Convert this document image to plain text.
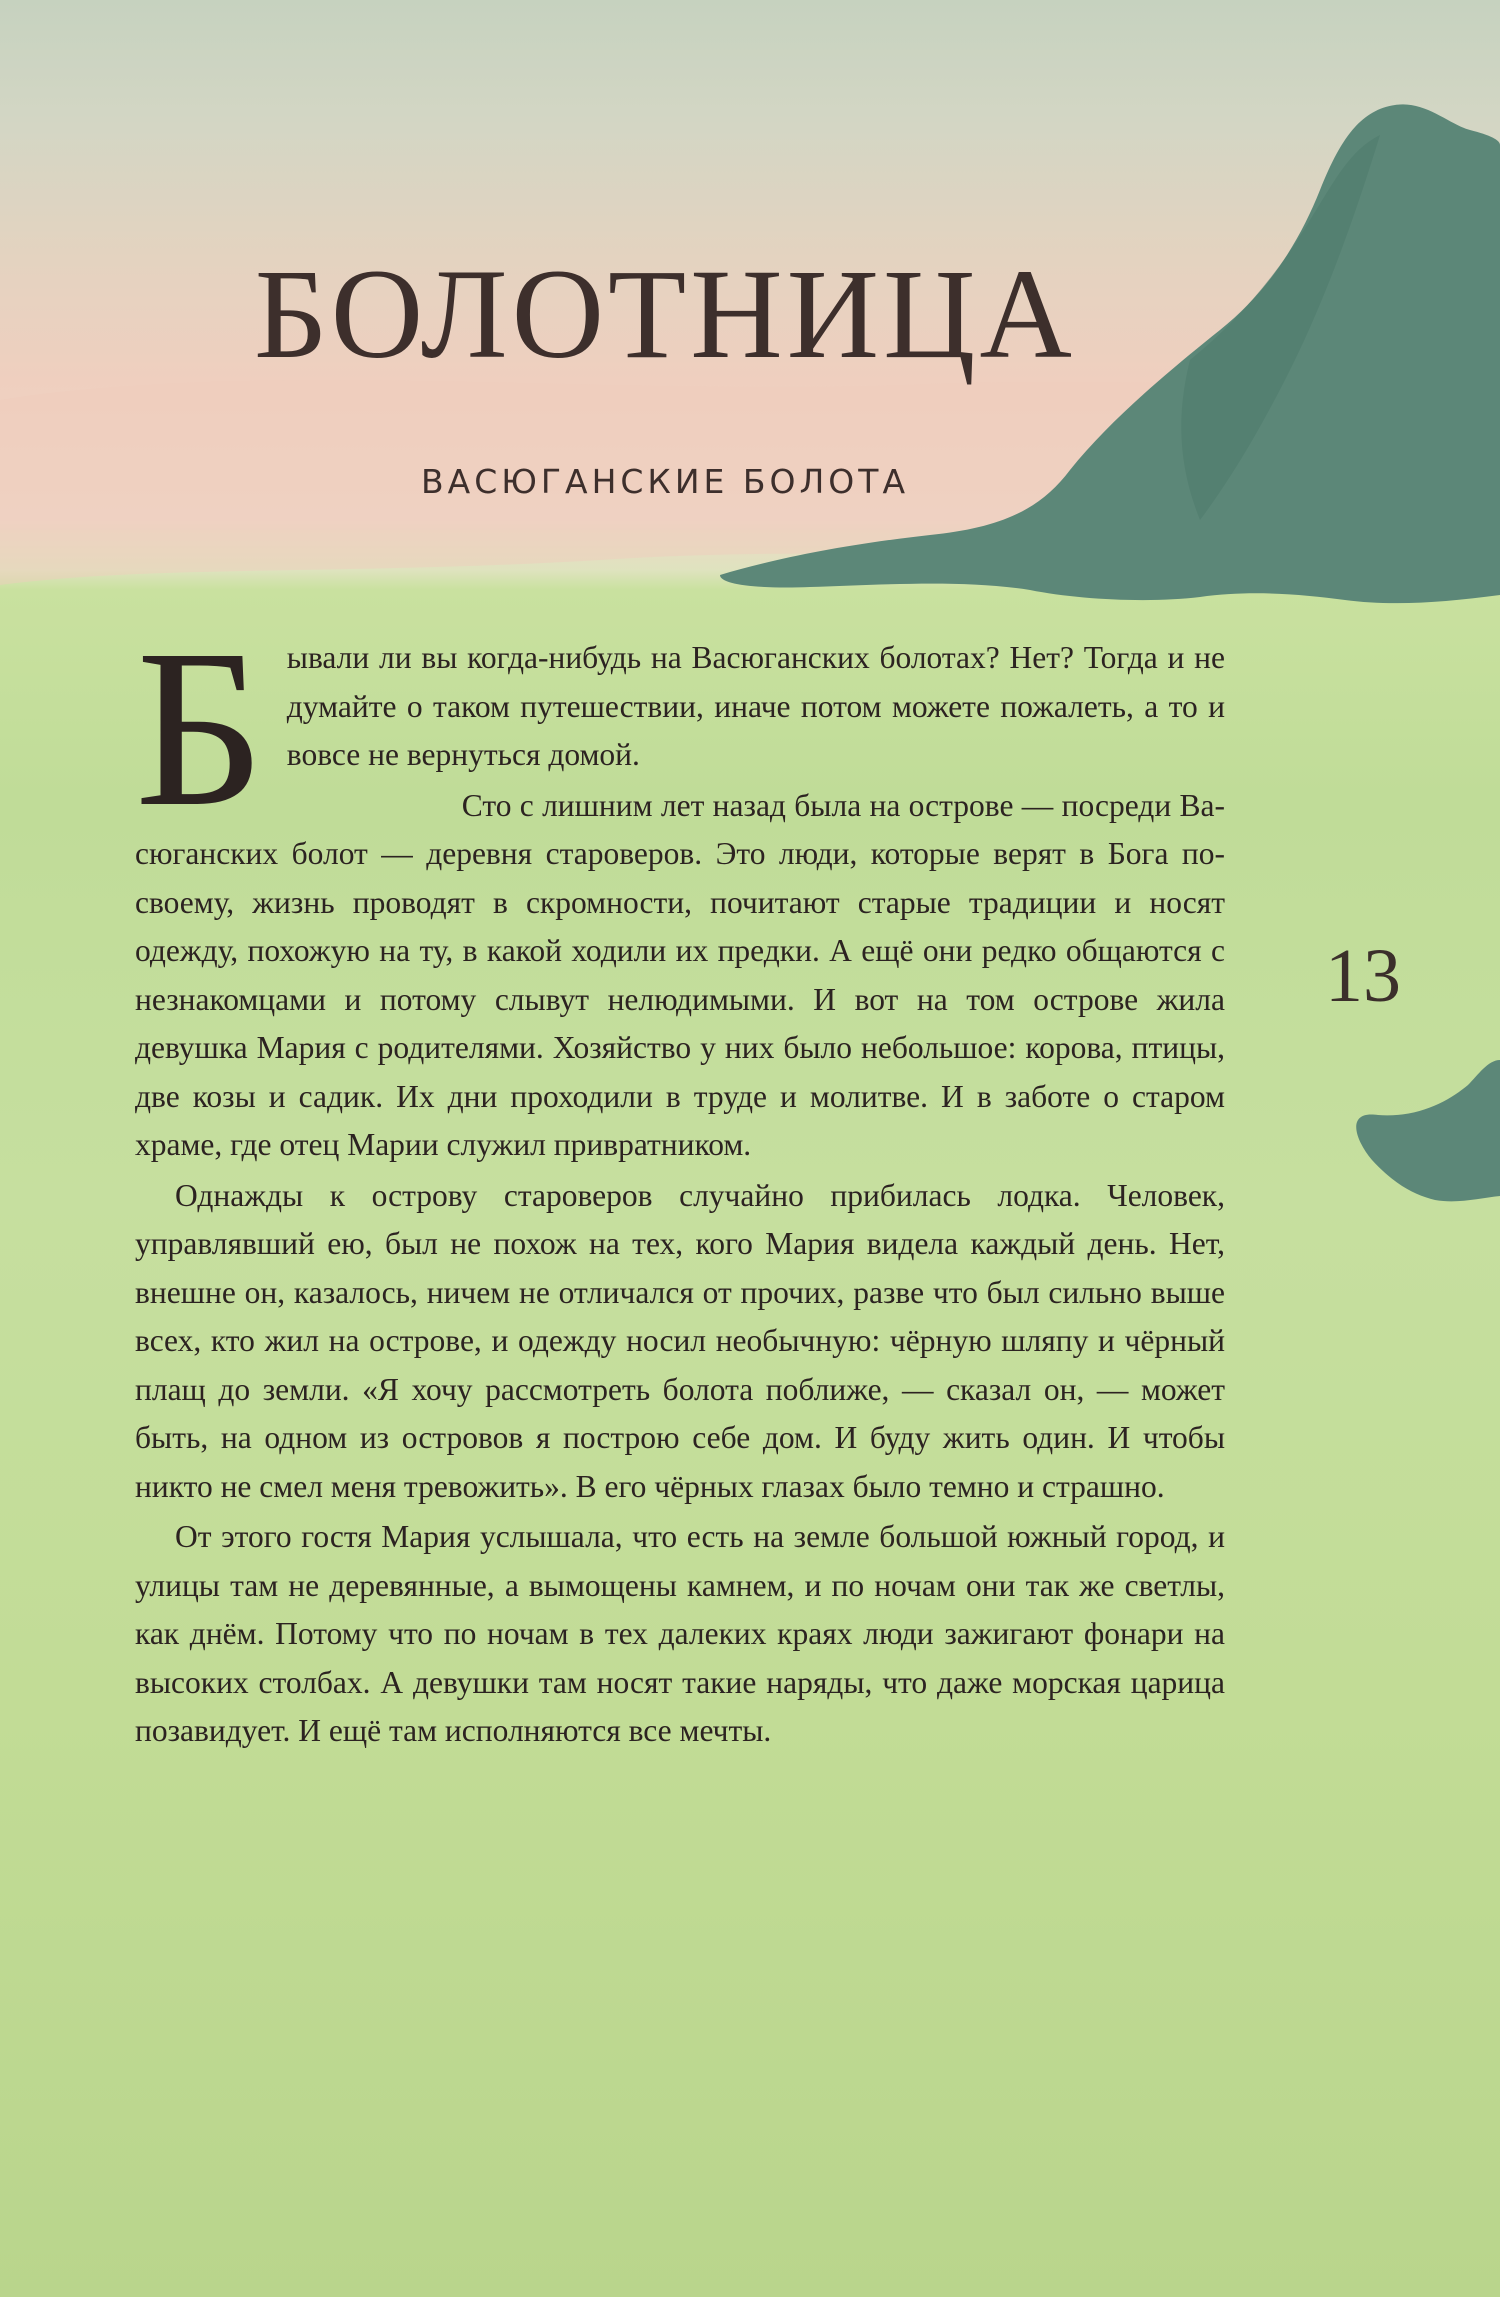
БОЛОТНИЦА
ВАСЮГАНСКИЕ БОЛОТА
Б ывали ли вы когда-нибудь на Васюганских болотах? Нет? Тогда и не думайте о таком путешествии, иначе потом можете пожалеть, а то и вовсе не вернуться домой.

Сто с лишним лет назад была на острове — посреди Васюганских болот — деревня староверов. Это люди, которые верят в Бога по-своему, жизнь проводят в скромности, почитают старые традиции и носят одежду, похожую на ту, в какой ходили их предки. А ещё они редко общаются с незнакомцами и потому слывут нелюдимыми. И вот на том острове жила девушка Мария с родителями. Хозяйство у них было небольшое: корова, птицы, две козы и садик. Их дни проходили в труде и молитве. И в заботе о старом храме, где отец Марии служил привратником.

Однажды к острову староверов случайно прибилась лодка. Человек, управлявший ею, был не похож на тех, кого Мария видела каждый день. Нет, внешне он, казалось, ничем не отличался от прочих, разве что был сильно выше всех, кто жил на острове, и одежду носил необычную: чёрную шляпу и чёрный плащ до земли. «Я хочу рассмотреть болота поближе, — сказал он, — может быть, на одном из островов я построю себе дом. И буду жить один. И чтобы никто не смел меня тревожить». В его чёрных глазах было темно и страшно.

От этого гостя Мария услышала, что есть на земле большой южный город, и улицы там не деревянные, а вымощены камнем, и по ночам они так же светлы, как днём. Потому что по ночам в тех далеких краях люди зажигают фонари на высоких столбах. А девушки там носят такие наряды, что даже морская царица позавидует. И ещё там исполняются все мечты.

13
